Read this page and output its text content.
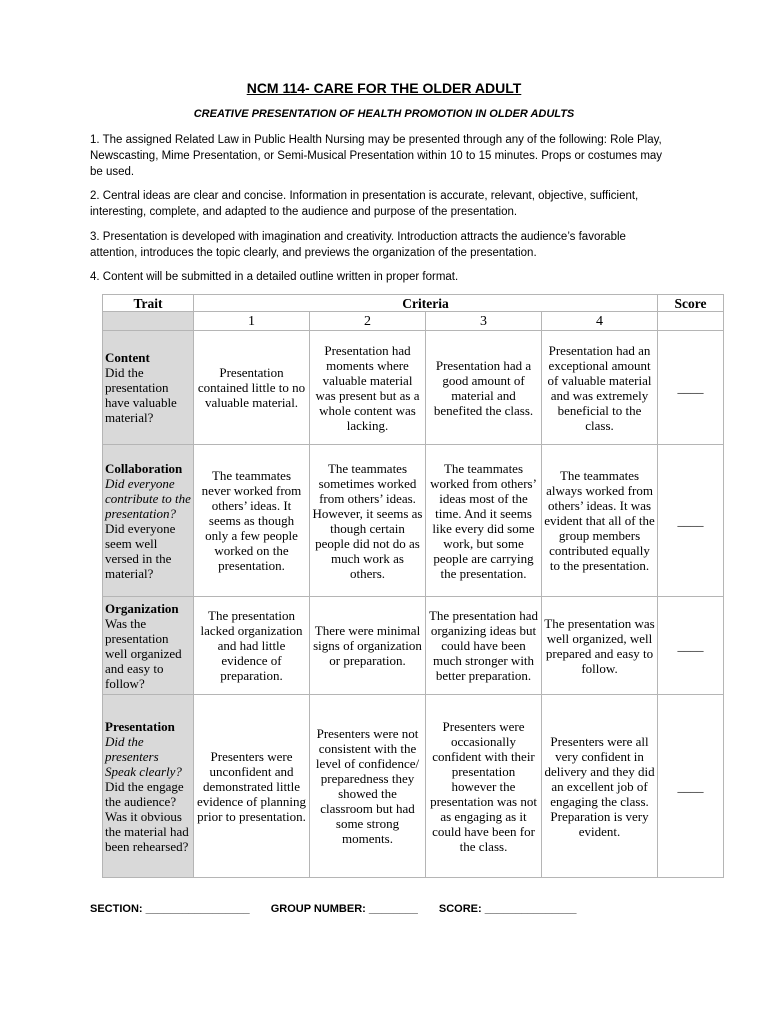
NCM 114- CARE FOR THE OLDER ADULT
CREATIVE PRESENTATION OF HEALTH PROMOTION IN OLDER ADULTS
1. The assigned Related Law in Public Health Nursing may be presented through any of the following: Role Play, Newscasting, Mime Presentation, or Semi-Musical Presentation within 10 to 15 minutes. Props or costumes may be used.
2. Central ideas are clear and concise. Information in presentation is accurate, relevant, objective, sufficient, interesting, complete, and adapted to the audience and purpose of the presentation.
3. Presentation is developed with imagination and creativity. Introduction attracts the audience’s favorable attention, introduces the topic clearly, and previews the organization of the presentation.
4. Content will be submitted in a detailed outline written in proper format.
Trait	Criteria				Score
	1	2	3	4	
Content
Did the presentation have valuable material?	Presentation contained little to no valuable material.	Presentation had moments where valuable material was present but as a whole content was lacking.	Presentation had a good amount of material and benefited the class.	Presentation had an exceptional amount of valuable material and was extremely beneficial to the class.	____
Collaboration
Did everyone contribute to the presentation? Did everyone seem well versed in the material?	The teammates never worked from others’ ideas. It seems as though only a few people worked on the presentation.	The teammates sometimes worked from others’ ideas. However, it seems as though certain people did not do as much work as others.	The teammates worked from others’ ideas most of the time. And it seems like every did some work, but some people are carrying the presentation.	The teammates always worked from others’ ideas. It was evident that all of the group members contributed equally to the presentation.	____
Organization
Was the presentation well organized and easy to follow?	The presentation lacked organization and had little evidence of preparation.	There were minimal signs of organization or preparation.	The presentation had organizing ideas but could have been much stronger with better preparation.	The presentation was well organized, well prepared and easy to follow.	____
Presentation
Did the presenters Speak clearly? Did the engage the audience? Was it obvious the material had been rehearsed?	Presenters were unconfident and demonstrated little evidence of planning prior to presentation.	Presenters were not consistent with the level of confidence/ preparedness they showed the classroom but had some strong moments.	Presenters were occasionally confident with their presentation however the presentation was not as engaging as it could have been for the class.	Presenters were all very confident in delivery and they did an excellent job of engaging the class. Preparation is very evident.	____
SECTION: _________________ GROUP NUMBER: ________ SCORE: _______________
